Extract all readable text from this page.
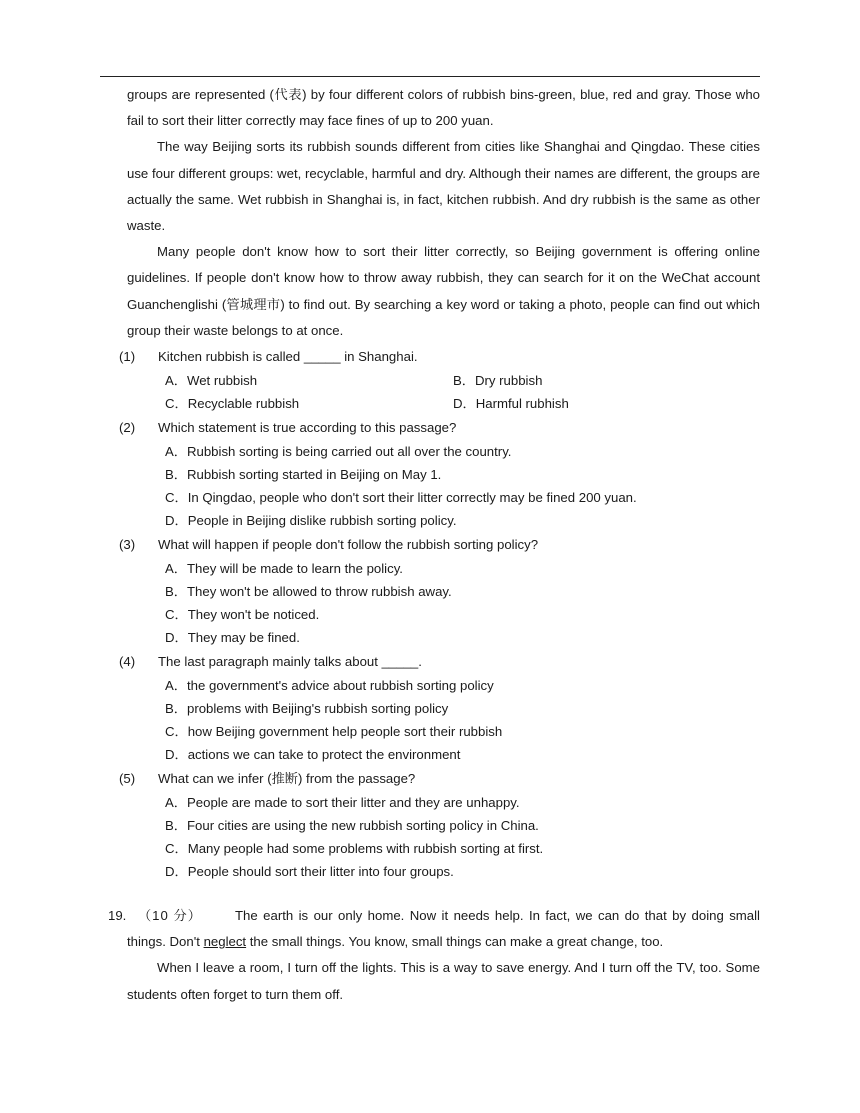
groups are represented (代表) by four different colors of rubbish bins-green, blue, red and gray. Those who fail to sort their litter correctly may face fines of up to 200 yuan.

The way Beijing sorts its rubbish sounds different from cities like Shanghai and Qingdao. These cities use four different groups: wet, recyclable, harmful and dry. Although their names are different, the groups are actually the same. Wet rubbish in Shanghai is, in fact, kitchen rubbish. And dry rubbish is the same as other waste.

Many people don't know how to sort their litter correctly, so Beijing government is offering online guidelines. If people don't know how to throw away rubbish, they can search for it on the WeChat account Guanchenglishi (管城理市) to find out. By searching a key word or taking a photo, people can find out which group their waste belongs to at once.

(1) Kitchen rubbish is called _____ in Shanghai.
A．Wet rubbish	B．Dry rubbish
C．Recyclable rubbish	D．Harmful rubhish
(2) Which statement is true according to this passage?
A．Rubbish sorting is being carried out all over the country.
B．Rubbish sorting started in Beijing on May 1.
C．In Qingdao, people who don't sort their litter correctly may be fined 200 yuan.
D．People in Beijing dislike rubbish sorting policy.
(3) What will happen if people don't follow the rubbish sorting policy?
A．They will be made to learn the policy.
B．They won't be allowed to throw rubbish away.
C．They won't be noticed.
D．They may be fined.
(4) The last paragraph mainly talks about _____.
A．the government's advice about rubbish sorting policy
B．problems with Beijing's rubbish sorting policy
C．how Beijing government help people sort their rubbish
D．actions we can take to protect the environment
(5) What can we infer (推断) from the passage?
A．People are made to sort their litter and they are unhappy.
B．Four cities are using the new rubbish sorting policy in China.
C．Many people had some problems with rubbish sorting at first.
D．People should sort their litter into four groups.
19. （10 分）	The earth is our only home. Now it needs help. In fact, we can do that by doing small things. Don't neglect the small things. You know, small things can make a great change, too.

When I leave a room, I turn off the lights. This is a way to save energy. And I turn off the TV, too. Some students often forget to turn them off.
